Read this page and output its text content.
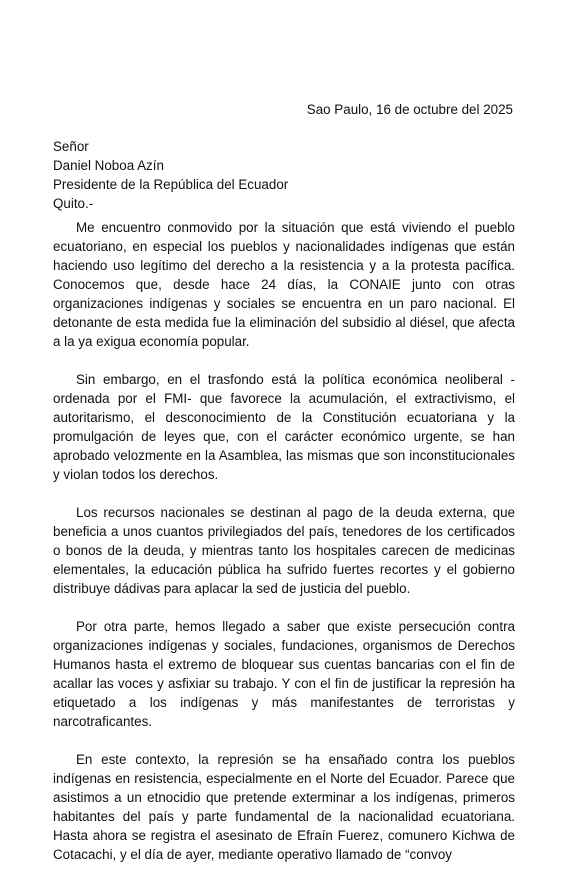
Sao Paulo, 16 de octubre del 2025
Señor
Daniel Noboa Azín
Presidente de la República del Ecuador
Quito.-

Me encuentro conmovido por la situación que está viviendo el pueblo ecuatoriano, en especial los pueblos y nacionalidades indígenas que están haciendo uso legítimo del derecho a la resistencia y a la protesta pacífica. Conocemos que, desde hace 24 días, la CONAIE junto con otras organizaciones indígenas y sociales se encuentra en un paro nacional. El detonante de esta medida fue la eliminación del subsidio al diésel, que afecta a la ya exigua economía popular.

Sin embargo, en el trasfondo está la política económica neoliberal -ordenada por el FMI- que favorece la acumulación, el extractivismo, el autoritarismo, el desconocimiento de la Constitución ecuatoriana y la promulgación de leyes que, con el carácter económico urgente, se han aprobado velozmente en la Asamblea, las mismas que son inconstitucionales y violan todos los derechos.

Los recursos nacionales se destinan al pago de la deuda externa, que beneficia a unos cuantos privilegiados del país, tenedores de los certificados o bonos de la deuda, y mientras tanto los hospitales carecen de medicinas elementales, la educación pública ha sufrido fuertes recortes y el gobierno distribuye dádivas para aplacar la sed de justicia del pueblo.

Por otra parte, hemos llegado a saber que existe persecución contra organizaciones indígenas y sociales, fundaciones, organismos de Derechos Humanos hasta el extremo de bloquear sus cuentas bancarias con el fin de acallar las voces y asfixiar su trabajo. Y con el fin de justificar la represión ha etiquetado a los indígenas y más manifestantes de terroristas y narcotraficantes.

En este contexto, la represión se ha ensañado contra los pueblos indígenas en resistencia, especialmente en el Norte del Ecuador. Parece que asistimos a un etnocidio que pretende exterminar a los indígenas, primeros habitantes del país y parte fundamental de la nacionalidad ecuatoriana. Hasta ahora se registra el asesinato de Efraín Fuerez, comunero Kichwa de Cotacachi, y el día de ayer, mediante operativo llamado de “convoy
